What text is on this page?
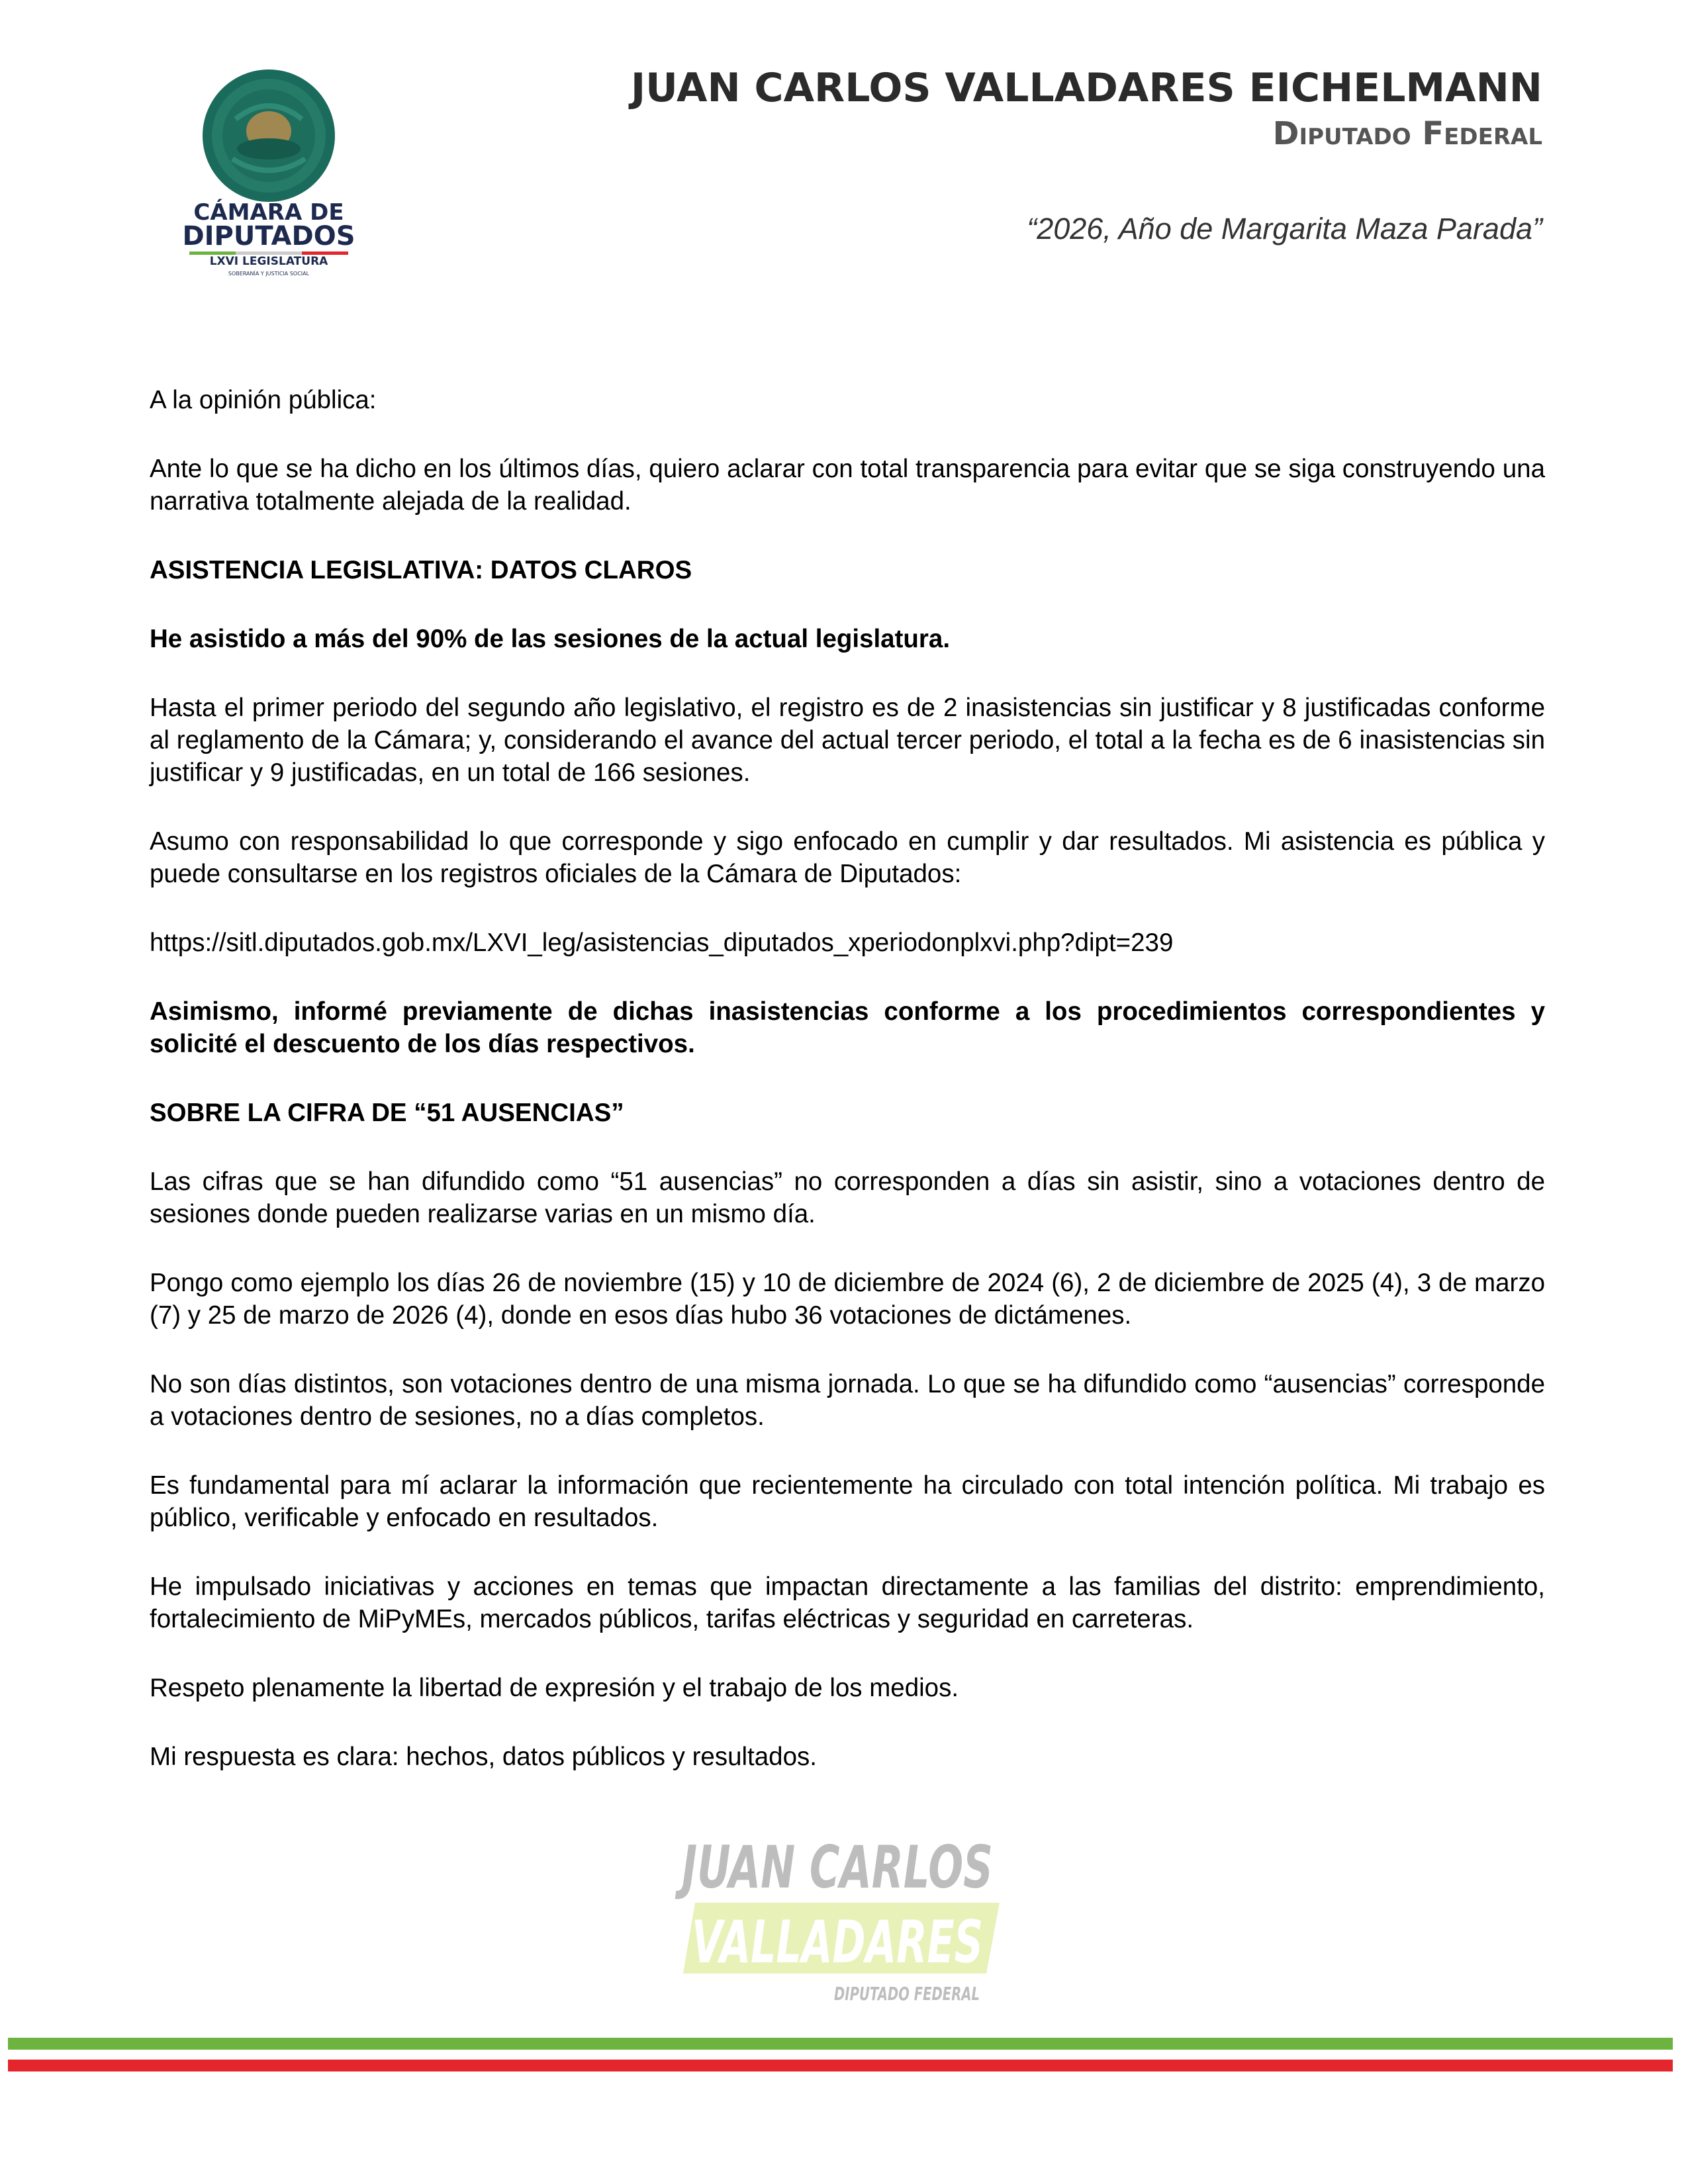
CÁMARA DE
DIPUTADOS
LXVI LEGISLATURA
SOBERANÍA Y JUSTICIA SOCIAL
JUAN CARLOS VALLADARES EICHELMANN
Diputado Federal
“2026, Año de Margarita Maza Parada”

A la opinión pública:

Ante lo que se ha dicho en los últimos días, quiero aclarar con total transparencia para evitar que se siga construyendo una narrativa totalmente alejada de la realidad.

ASISTENCIA LEGISLATIVA: DATOS CLAROS

He asistido a más del 90% de las sesiones de la actual legislatura.

Hasta el primer periodo del segundo año legislativo, el registro es de 2 inasistencias sin justificar y 8 justificadas conforme al reglamento de la Cámara; y, considerando el avance del actual tercer periodo, el total a la fecha es de 6 inasistencias sin justificar y 9 justificadas, en un total de 166 sesiones.

Asumo con responsabilidad lo que corresponde y sigo enfocado en cumplir y dar resultados. Mi asistencia es pública y puede consultarse en los registros oficiales de la Cámara de Diputados:

https://sitl.diputados.gob.mx/LXVI_leg/asistencias_diputados_xperiodonplxvi.php?dipt=239

Asimismo, informé previamente de dichas inasistencias conforme a los procedimientos correspondientes y solicité el descuento de los días respectivos.

SOBRE LA CIFRA DE “51 AUSENCIAS”

Las cifras que se han difundido como “51 ausencias” no corresponden a días sin asistir, sino a votaciones dentro de sesiones donde pueden realizarse varias en un mismo día.

Pongo como ejemplo los días 26 de noviembre (15) y 10 de diciembre de 2024 (6), 2 de diciembre de 2025 (4), 3 de marzo (7) y 25 de marzo de 2026 (4), donde en esos días hubo 36 votaciones de dictámenes.

No son días distintos, son votaciones dentro de una misma jornada. Lo que se ha difundido como “ausencias” corresponde a votaciones dentro de sesiones, no a días completos.

Es fundamental para mí aclarar la información que recientemente ha circulado con total intención política. Mi trabajo es público, verificable y enfocado en resultados.

He impulsado iniciativas y acciones en temas que impactan directamente a las familias del distrito: emprendimiento, fortalecimiento de MiPyMEs, mercados públicos, tarifas eléctricas y seguridad en carreteras.

Respeto plenamente la libertad de expresión y el trabajo de los medios.

Mi respuesta es clara: hechos, datos públicos y resultados.

JUAN CARLOS
VALLADARES
DIPUTADO FEDERAL
